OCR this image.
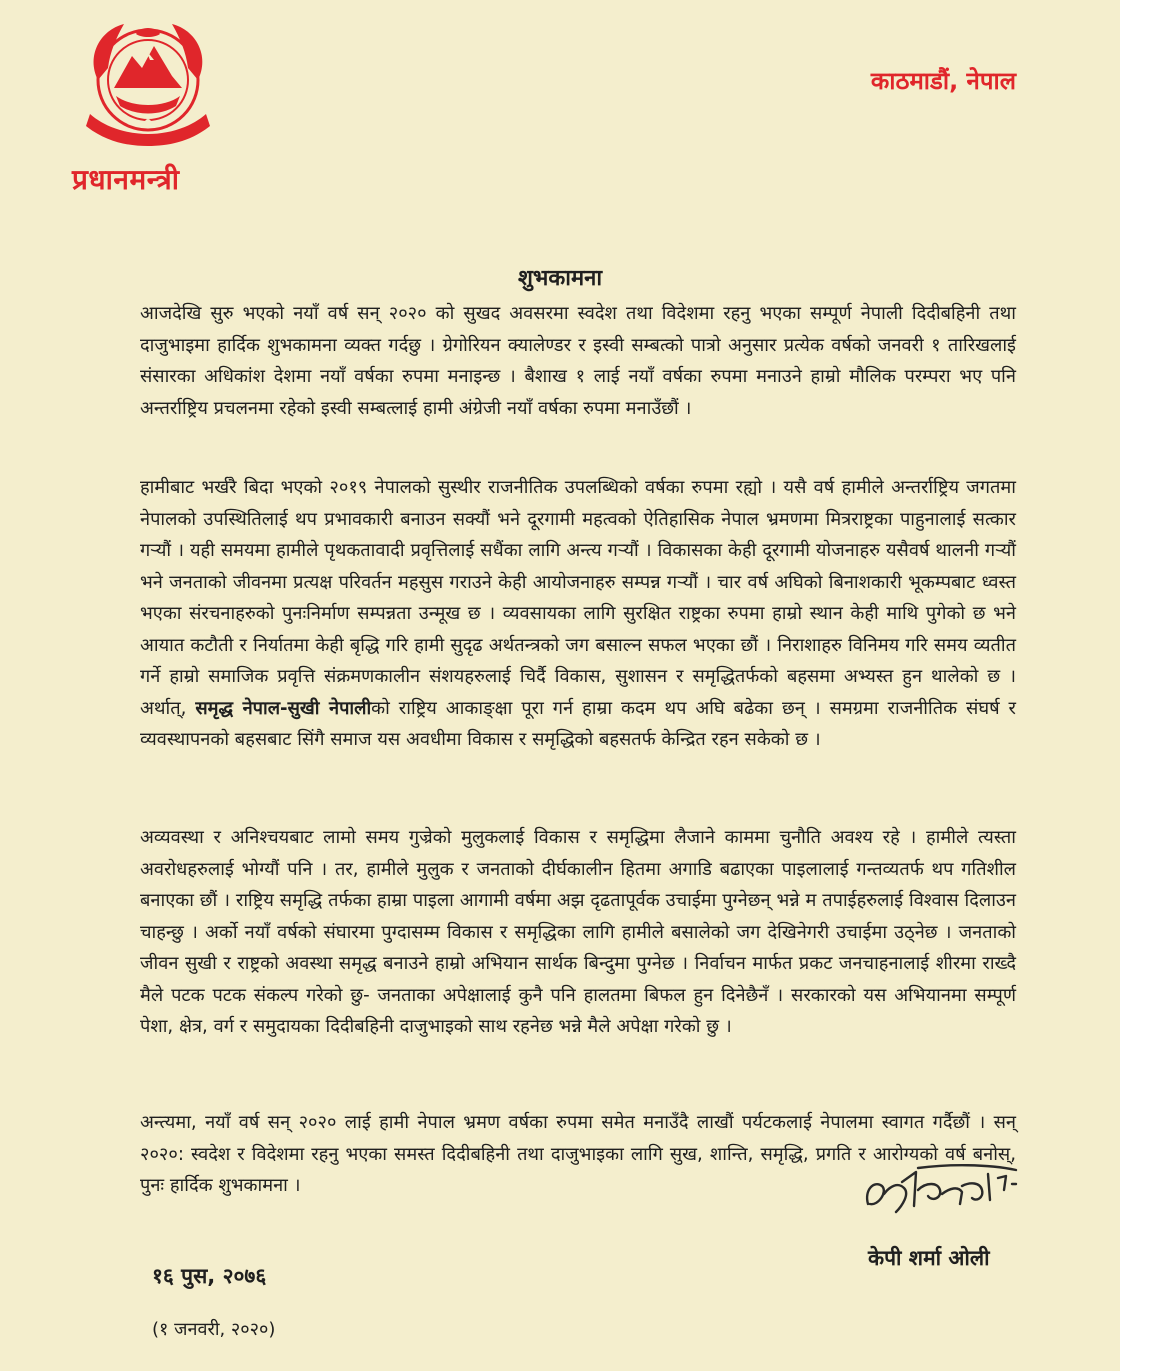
प्रधानमन्त्री
काठमाडौं, नेपाल
शुभकामना

आजदेखि सुरु भएको नयाँ वर्ष सन् २०२० को सुखद अवसरमा स्वदेश तथा विदेशमा रहनु भएका सम्पूर्ण नेपाली दिदीबहिनी तथा दाजुभाइमा हार्दिक शुभकामना व्यक्त गर्दछु । ग्रेगोरियन क्यालेण्डर र इस्वी सम्बत्को पात्रो अनुसार प्रत्येक वर्षको जनवरी १ तारिखलाई संसारका अधिकांश देशमा नयाँ वर्षका रुपमा मनाइन्छ । बैशाख १ लाई नयाँ वर्षका रुपमा मनाउने हाम्रो मौलिक परम्परा भए पनि अन्तर्राष्ट्रिय प्रचलनमा रहेको इस्वी सम्बत्लाई हामी अंग्रेजी नयाँ वर्षका रुपमा मनाउँछौं ।

हामीबाट भर्खरै बिदा भएको २०१९ नेपालको सुस्थीर राजनीतिक उपलब्धिको वर्षका रुपमा रह्यो । यसै वर्ष हामीले अन्तर्राष्ट्रिय जगतमा नेपालको उपस्थितिलाई थप प्रभावकारी बनाउन सक्यौं भने दूरगामी महत्वको ऐतिहासिक नेपाल भ्रमणमा मित्रराष्ट्रका पाहुनालाई सत्कार गर्‍यौं । यही समयमा हामीले पृथकतावादी प्रवृत्तिलाई सधैंका लागि अन्त्य गर्‍यौं । विकासका केही दूरगामी योजनाहरु यसैवर्ष थालनी गर्‍यौं भने जनताको जीवनमा प्रत्यक्ष परिवर्तन महसुस गराउने केही आयोजनाहरु सम्पन्न गर्‍यौं । चार वर्ष अघिको बिनाशकारी भूकम्पबाट ध्वस्त भएका संरचनाहरुको पुनःनिर्माण सम्पन्नता उन्मूख छ । व्यवसायका लागि सुरक्षित राष्ट्रका रुपमा हाम्रो स्थान केही माथि पुगेको छ भने आयात कटौती र निर्यातमा केही बृद्धि गरि हामी सुदृढ अर्थतन्त्रको जग बसाल्न सफल भएका छौं । निराशाहरु विनिमय गरि समय व्यतीत गर्ने हाम्रो समाजिक प्रवृत्ति संक्रमणकालीन संशयहरुलाई चिर्दै विकास, सुशासन र समृद्धितर्फको बहसमा अभ्यस्त हुन थालेको छ । अर्थात्, समृद्ध नेपाल-सुखी नेपालीको राष्ट्रिय आकाङ्क्षा पूरा गर्न हाम्रा कदम थप अघि बढेका छन् । समग्रमा राजनीतिक संघर्ष र व्यवस्थापनको बहसबाट सिंगै समाज यस अवधीमा विकास र समृद्धिको बहसतर्फ केन्द्रित रहन सकेको छ ।

अव्यवस्था र अनिश्चयबाट लामो समय गुज्रेको मुलुकलाई विकास र समृद्धिमा लैजाने काममा चुनौति अवश्य रहे । हामीले त्यस्ता अवरोधहरुलाई भोग्यौं पनि । तर, हामीले मुलुक र जनताको दीर्घकालीन हितमा अगाडि बढाएका पाइलालाई गन्तव्यतर्फ थप गतिशील बनाएका छौं । राष्ट्रिय समृद्धि तर्फका हाम्रा पाइला आगामी वर्षमा अझ दृढतापूर्वक उचाईमा पुग्नेछन् भन्ने म तपाईहरुलाई विश्वास दिलाउन चाहन्छु । अर्को नयाँ वर्षको संघारमा पुग्दासम्म विकास र समृद्धिका लागि हामीले बसालेको जग देखिनेगरी उचाईमा उठ्नेछ । जनताको जीवन सुखी र राष्ट्रको अवस्था समृद्ध बनाउने हाम्रो अभियान सार्थक बिन्दुमा पुग्नेछ । निर्वाचन मार्फत प्रकट जनचाहनालाई शीरमा राख्दै मैले पटक पटक संकल्प गरेको छु- जनताका अपेक्षालाई कुनै पनि हालतमा बिफल हुन दिनेछैनँ । सरकारको यस अभियानमा सम्पूर्ण पेशा, क्षेत्र, वर्ग र समुदायका दिदीबहिनी दाजुभाइको साथ रहनेछ भन्ने मैले अपेक्षा गरेको छु ।

अन्त्यमा, नयाँ वर्ष सन् २०२० लाई हामी नेपाल भ्रमण वर्षका रुपमा समेत मनाउँदै लाखौं पर्यटकलाई नेपालमा स्वागत गर्दैछौं । सन् २०२०: स्वदेश र विदेशमा रहनु भएका समस्त दिदीबहिनी तथा दाजुभाइका लागि सुख, शान्ति, समृद्धि, प्रगति र आरोग्यको वर्ष बनोस्, पुनः हार्दिक शुभकामना ।

केपी शर्मा ओली
१६ पुस, २०७६
(१ जनवरी, २०२०)
